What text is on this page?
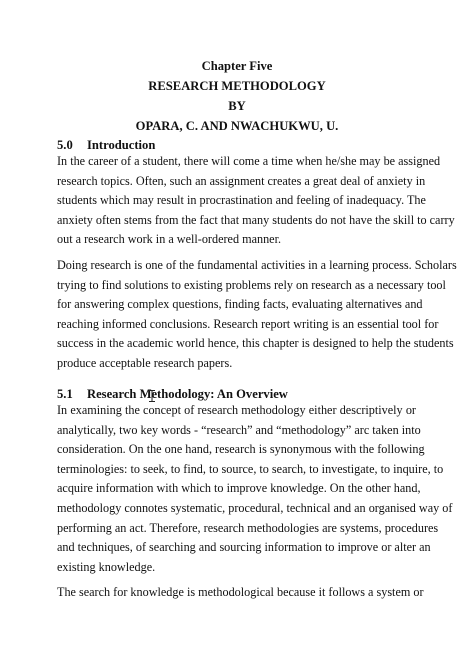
Chapter Five
RESEARCH METHODOLOGY
BY
OPARA, C. AND NWACHUKWU, U.
5.0 Introduction
In the career of a student, there will come a time when he/she may be assigned
research topics. Often, such an assignment creates a great deal of anxiety in
students which may result in procrastination and feeling of inadequacy. The
anxiety often stems from the fact that many students do not have the skill to carry
out a research work in a well-ordered manner.
Doing research is one of the fundamental activities in a learning process. Scholars
trying to find solutions to existing problems rely on research as a necessary tool
for answering complex questions, finding facts, evaluating alternatives and
reaching informed conclusions. Research report writing is an essential tool for
success in the academic world hence, this chapter is designed to help the students
produce acceptable research papers.
5.1 Research Methodology: An Overview
In examining the concept of research methodology either descriptively or
analytically, two key words - “research” and “methodology” arc taken into
consideration. On the one hand, research is synonymous with the following
terminologies: to seek, to find, to source, to search, to investigate, to inquire, to
acquire information with which to improve knowledge. On the other hand,
methodology connotes systematic, procedural, technical and an organised way of
performing an act. Therefore, research methodologies are systems, procedures
and techniques, of searching and sourcing information to improve or alter an
existing knowledge.
The search for knowledge is methodological because it follows a system or
